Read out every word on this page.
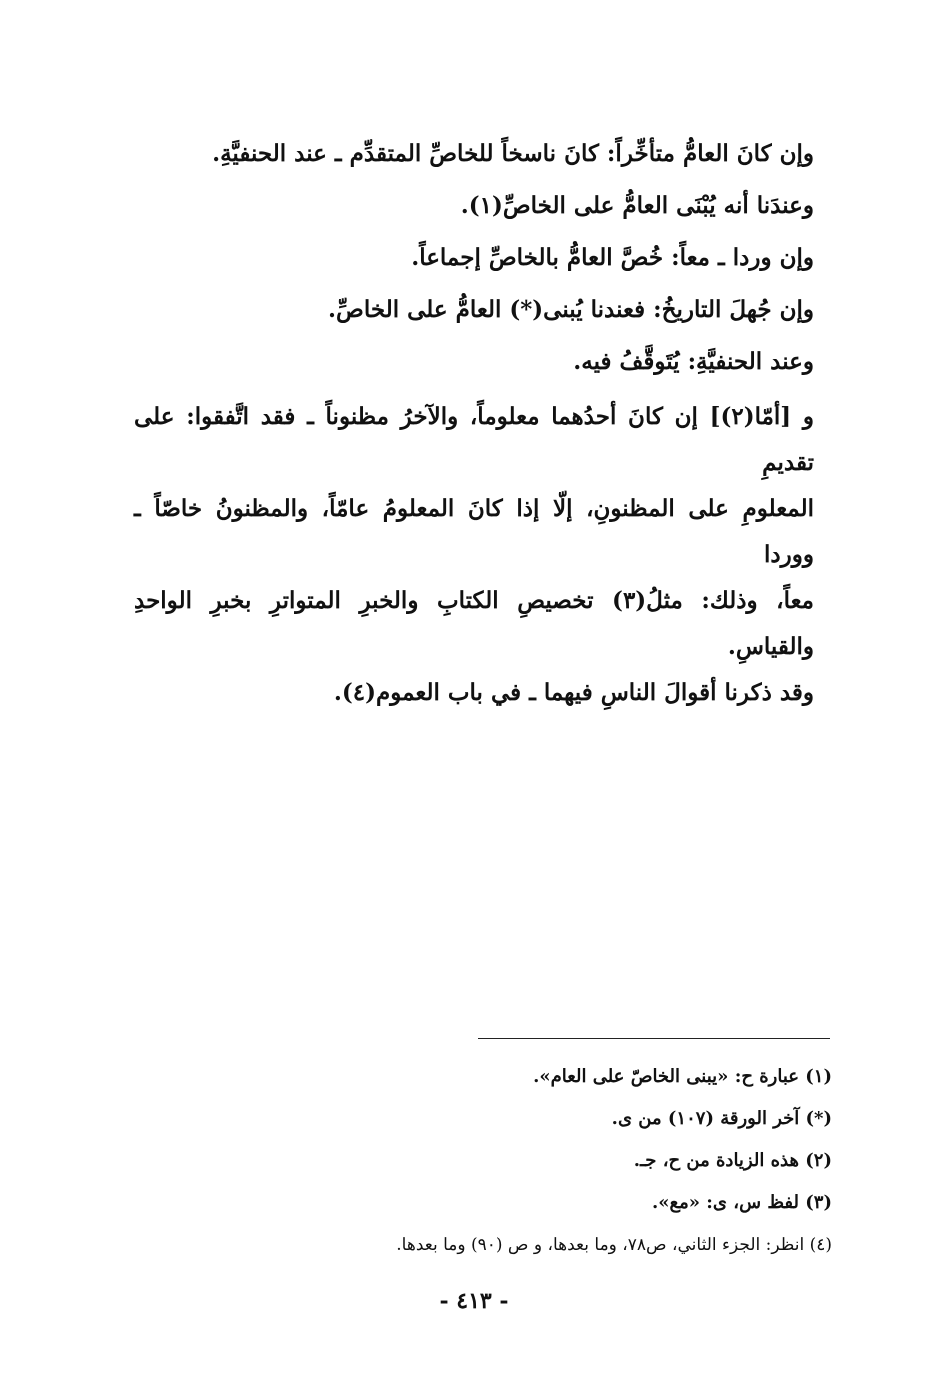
وإن كانَ العامُّ متأخِّراً: كانَ ناسخاً للخاصِّ المتقدِّم ـ عند الحنفيَّةِ.
وعندَنا أنه يُبْنَى العامُّ على الخاصِّ(١).
وإن وردا ـ معاً: خُصَّ العامُّ بالخاصِّ إجماعاً.
وإن جُهلَ التاريخُ: فعندنا يُبنى(*) العامُّ على الخاصِّ.
وعند الحنفيَّةِ: يُتَوقَّفُ فيه.
و [أمّا(٢)] إن كانَ أحدُهما معلوماً، والآخرُ مظنوناً ـ فقد اتَّفقوا: على تقديمِ
المعلومِ على المظنونِ، إلّا إذا كانَ المعلومُ عامّاً، والمظنونُ خاصّاً ـ ووردا
معاً، وذلك: مثلُ(٣) تخصيصِ الكتابِ والخبرِ المتواترِ بخبرِ الواحدِ والقياسِ.
وقد ذكرنا أقوالَ الناسِ فيهما ـ في باب العموم(٤).
(١) عبارة ح: «يبنى الخاصّ على العام».
(*) آخر الورقة (١٠٧) من ى.
(٢) هذه الزيادة من ح، جـ.
(٣) لفظ س، ى: «مع».
(٤) انظر: الجزء الثاني، ص٧٨، وما بعدها، و ص (٩٠) وما بعدها.
- ٤١٣ -
